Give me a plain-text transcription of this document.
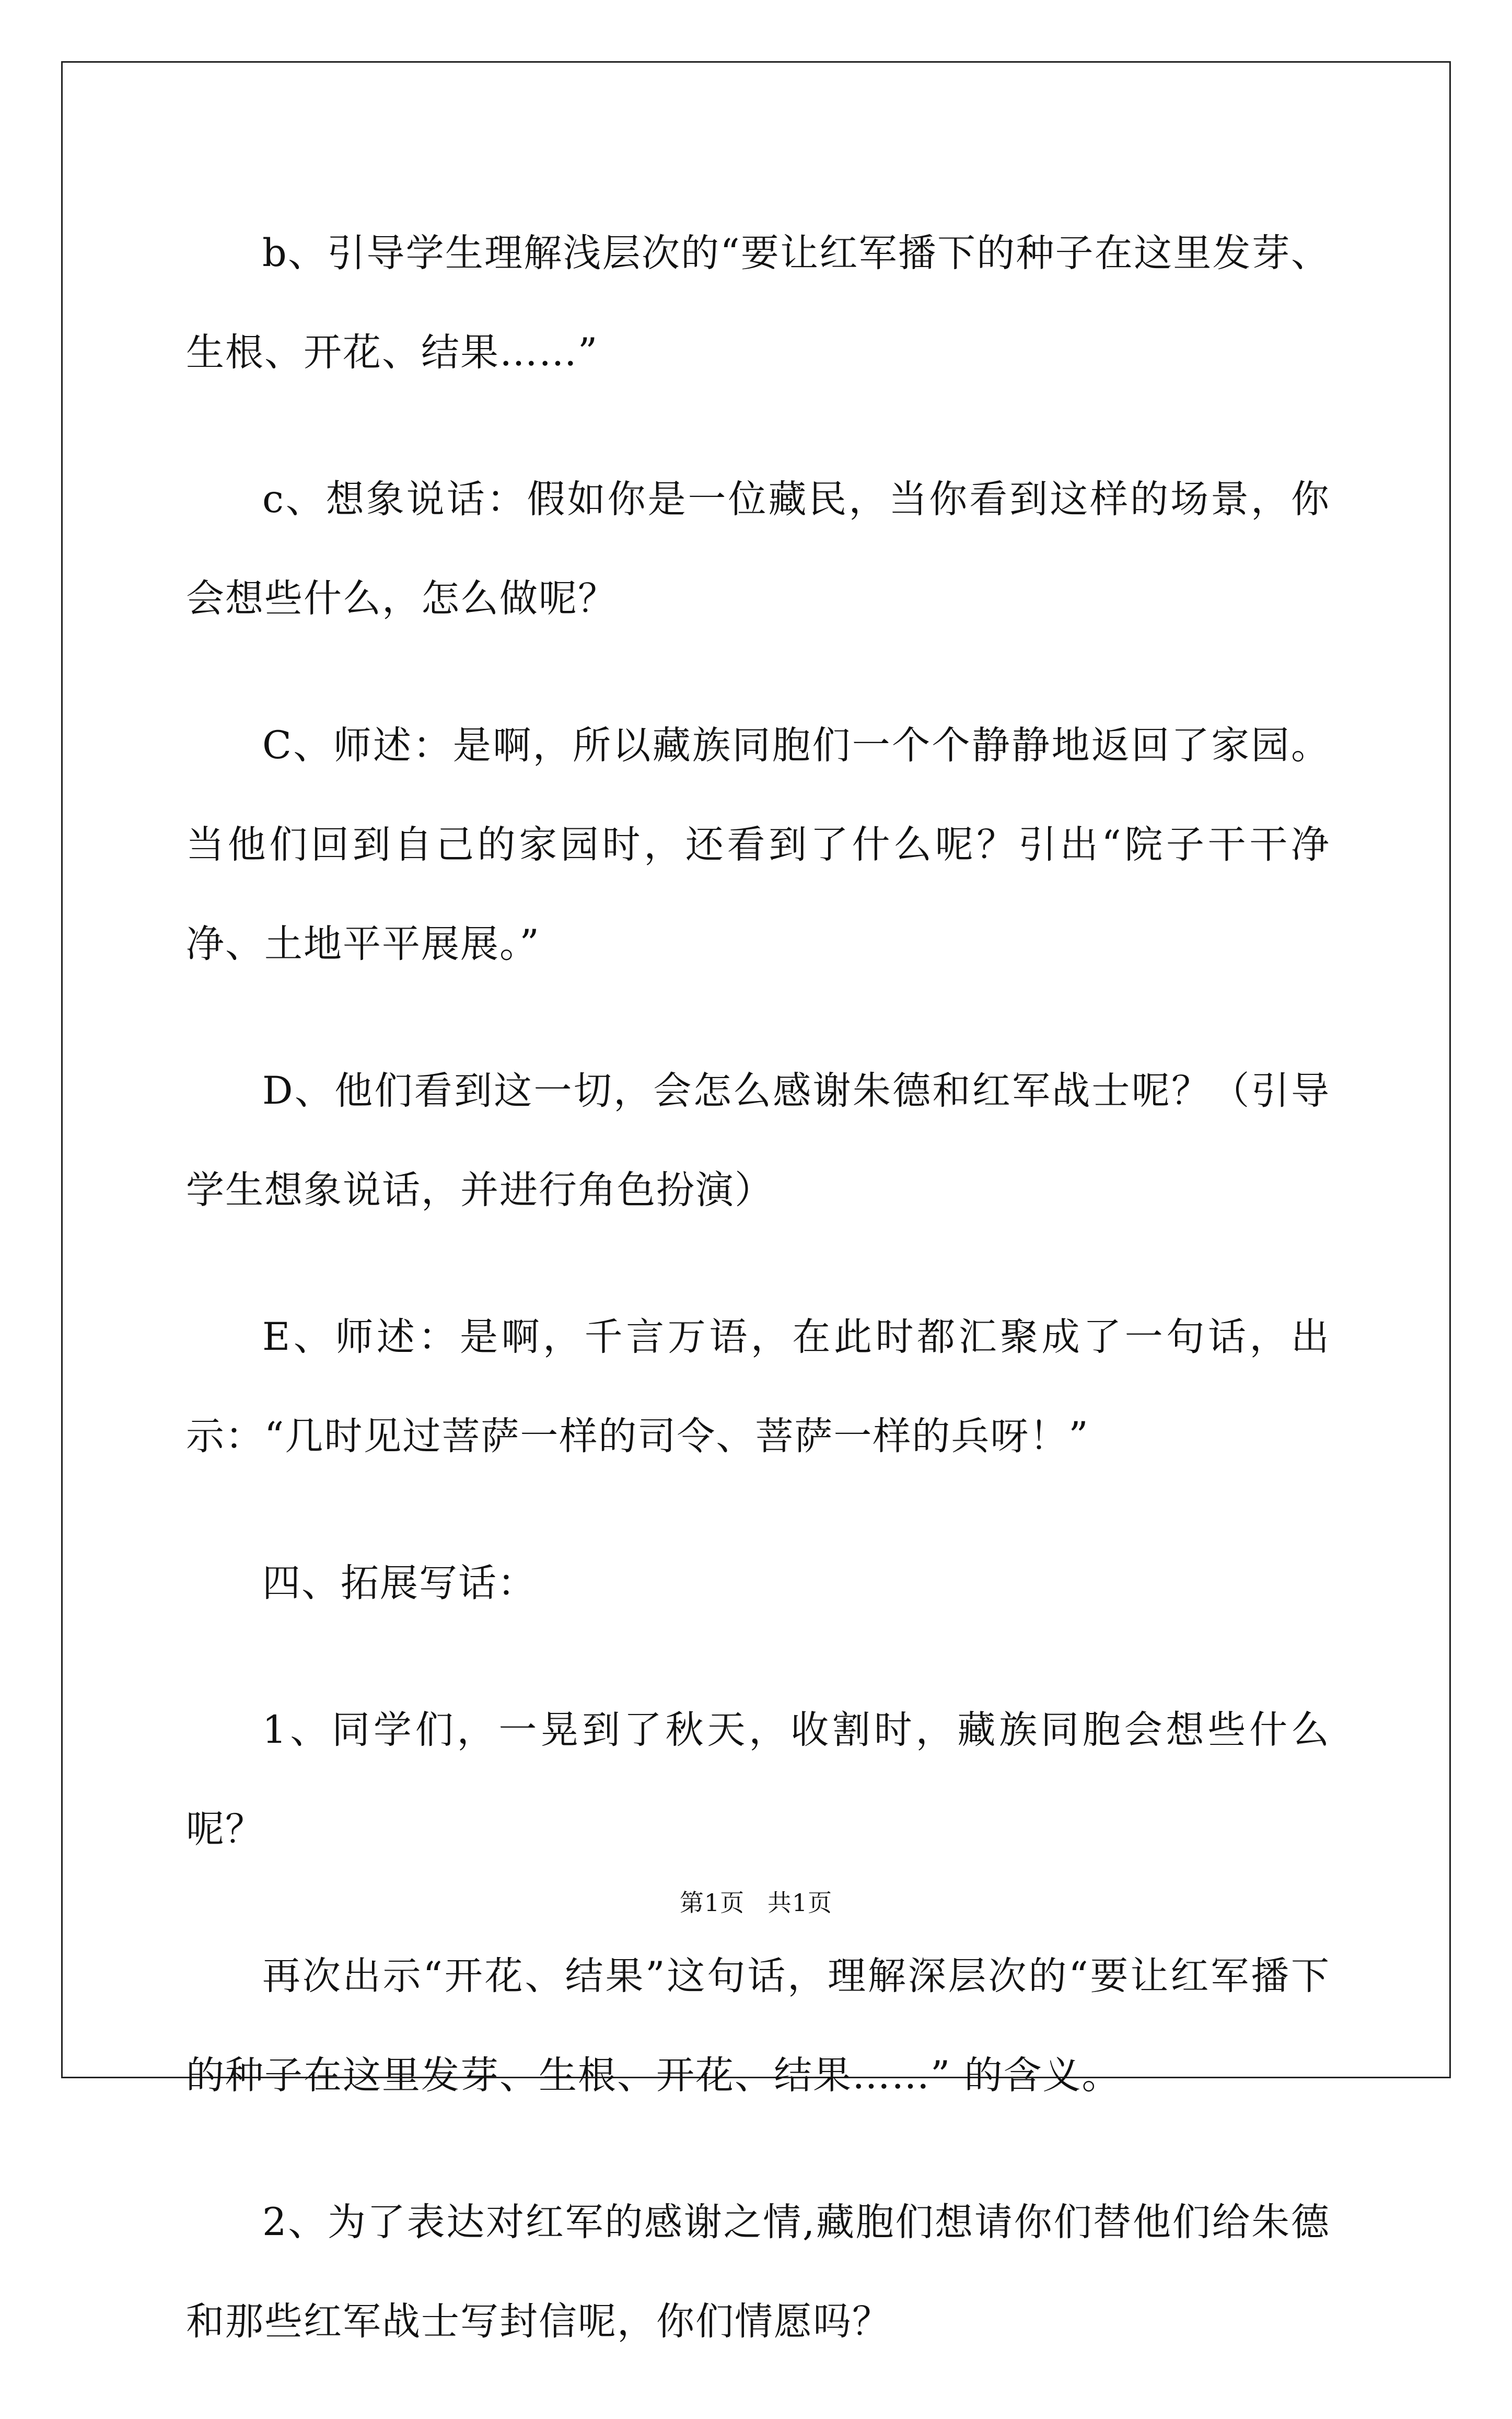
b、引导学生理解浅层次的“要让红军播下的种子在这里发芽、生根、开花、结果……”

c、想象说话：假如你是一位藏民，当你看到这样的场景，你会想些什么，怎么做呢？

C、师述：是啊，所以藏族同胞们一个个静静地返回了家园。当他们回到自己的家园时，还看到了什么呢？引出“院子干干净净、土地平平展展。”

D、他们看到这一切，会怎么感谢朱德和红军战士呢？（引导学生想象说话，并进行角色扮演）

E、师述：是啊，千言万语，在此时都汇聚成了一句话，出示：“几时见过菩萨一样的司令、菩萨一样的兵呀！”

四、拓展写话：

1、同学们，一晃到了秋天，收割时，藏族同胞会想些什么呢？

再次出示“开花、结果”这句话，理解深层次的“要让红军播下的种子在这里发芽、生根、开花、结果……” 的含义。

2、为了表达对红军的感谢之情,藏胞们想请你们替他们给朱德和那些红军战士写封信呢，你们情愿吗？

第1页 共1页
